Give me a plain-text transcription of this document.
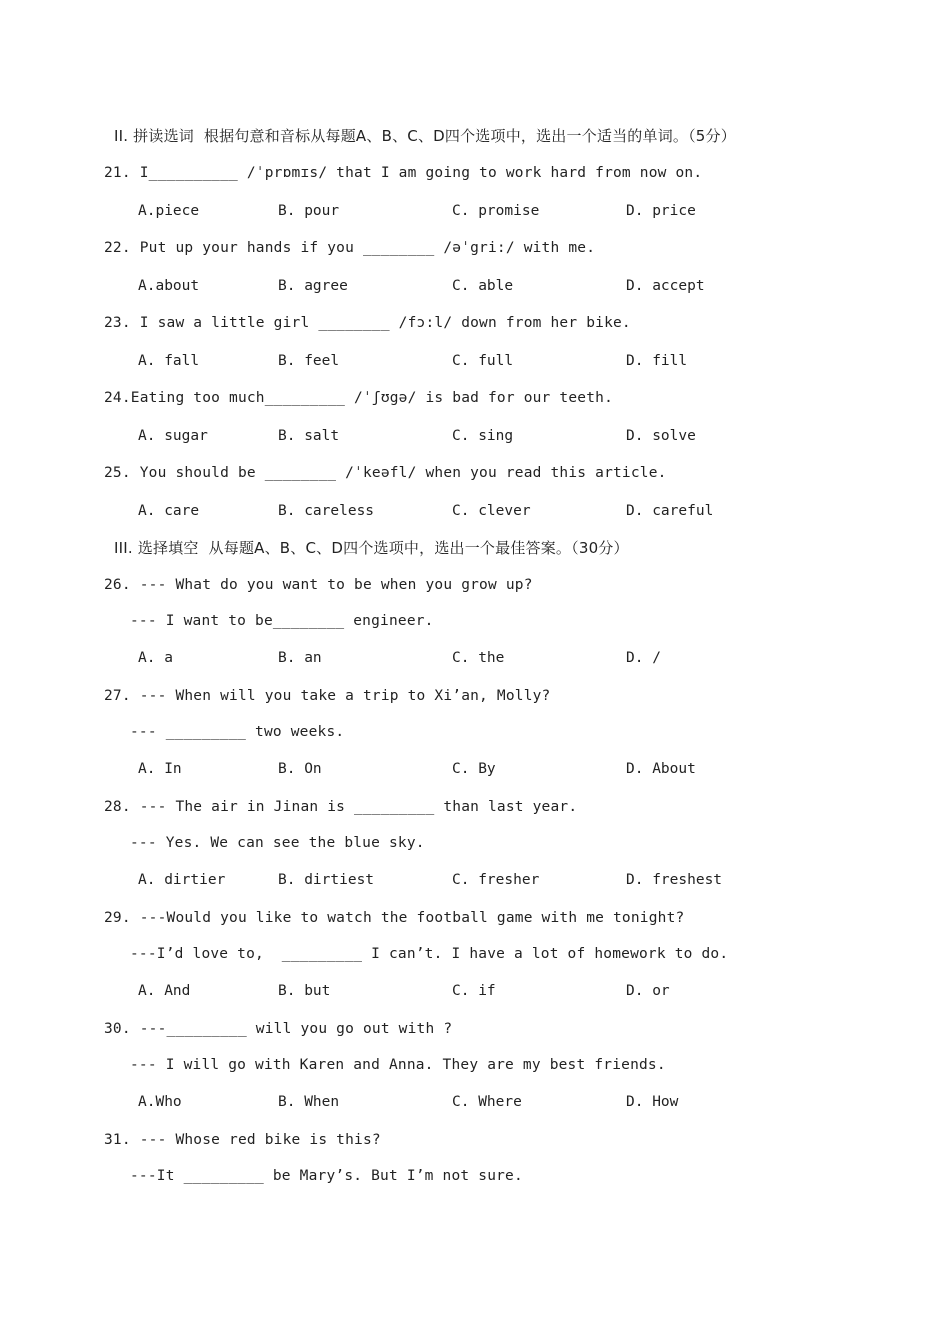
II. 拼读选词  根据句意和音标从每题A、B、C、D四个选项中，选出一个适当的单词。（5分）
21. I__________ /ˈprɒmɪs/ that I am going to work hard from now on.
A.piece	B. pour	C. promise	D. price
22. Put up your hands if you ________ /əˈgri:/ with me.
A.about	B. agree	C. able	D. accept
23. I saw a little girl ________ /fɔ:l/ down from her bike.
A. fall	B. feel	C. full	D. fill
24.Eating too much_________ /ˈʃʊgə/ is bad for our teeth.
A. sugar	B. salt	C. sing	D. solve
25. You should be ________ /ˈkeəfl/ when you read this article.
A. care	B. careless	C. clever	D. careful
III. 选择填空  从每题A、B、C、D四个选项中，选出一个最佳答案。（30分）
26. --- What do you want to be when you grow up?
--- I want to be________ engineer.
A. a	B. an	C. the	D. /
27. --- When will you take a trip to Xi’an, Molly?
--- _________ two weeks.
A. In	B. On	C. By	D. About
28. --- The air in Jinan is _________ than last year.
--- Yes. We can see the blue sky.
A. dirtier	B. dirtiest	C. fresher	D. freshest
29. ---Would you like to watch the football game with me tonight?
---I’d love to,  _________ I can’t. I have a lot of homework to do.
A. And	B. but	C. if	D. or
30. ---_________ will you go out with ?
--- I will go with Karen and Anna. They are my best friends.
A.Who	B. When	C. Where	D. How
31. --- Whose red bike is this?
---It _________ be Mary’s. But I’m not sure.
